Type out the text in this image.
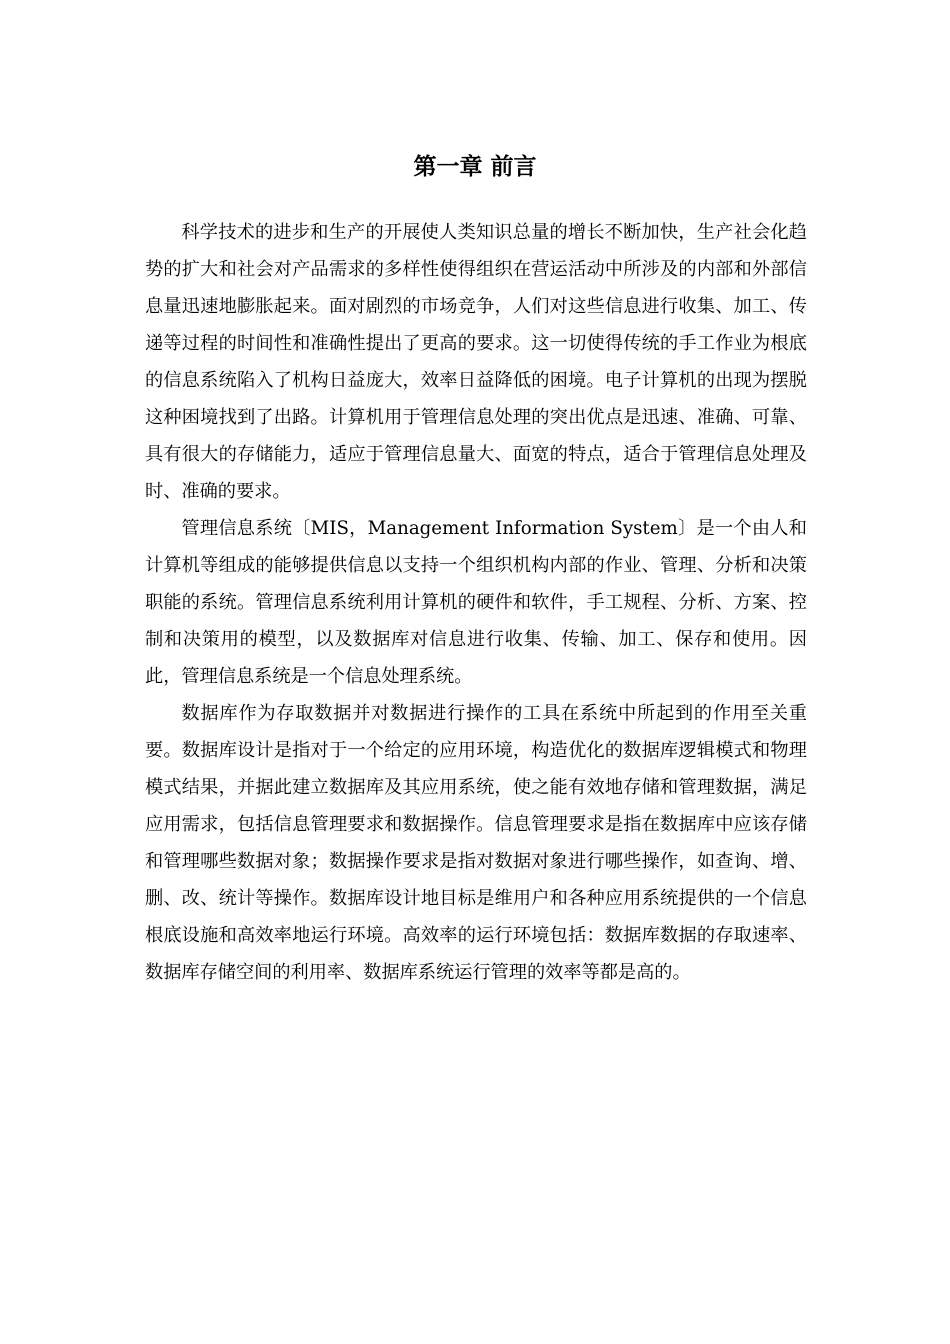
第一章 前言

科学技术的进步和生产的开展使人类知识总量的增长不断加快，生产社会化趋势的扩大和社会对产品需求的多样性使得组织在营运活动中所涉及的内部和外部信息量迅速地膨胀起来。面对剧烈的市场竞争，人们对这些信息进行收集、加工、传递等过程的时间性和准确性提出了更高的要求。这一切使得传统的手工作业为根底的信息系统陷入了机构日益庞大，效率日益降低的困境。电子计算机的出现为摆脱这种困境找到了出路。计算机用于管理信息处理的突出优点是迅速、准确、可靠、具有很大的存储能力，适应于管理信息量大、面宽的特点，适合于管理信息处理及时、准确的要求。

管理信息系统〔MIS，Management Information System〕是一个由人和计算机等组成的能够提供信息以支持一个组织机构内部的作业、管理、分析和决策职能的系统。管理信息系统利用计算机的硬件和软件，手工规程、分析、方案、控制和决策用的模型，以及数据库对信息进行收集、传输、加工、保存和使用。因此，管理信息系统是一个信息处理系统。

数据库作为存取数据并对数据进行操作的工具在系统中所起到的作用至关重要。数据库设计是指对于一个给定的应用环境，构造优化的数据库逻辑模式和物理模式结果，并据此建立数据库及其应用系统，使之能有效地存储和管理数据，满足应用需求，包括信息管理要求和数据操作。信息管理要求是指在数据库中应该存储和管理哪些数据对象；数据操作要求是指对数据对象进行哪些操作，如查询、增、删、改、统计等操作。数据库设计地目标是维用户和各种应用系统提供的一个信息根底设施和高效率地运行环境。高效率的运行环境包括：数据库数据的存取速率、数据库存储空间的利用率、数据库系统运行管理的效率等都是高的。
